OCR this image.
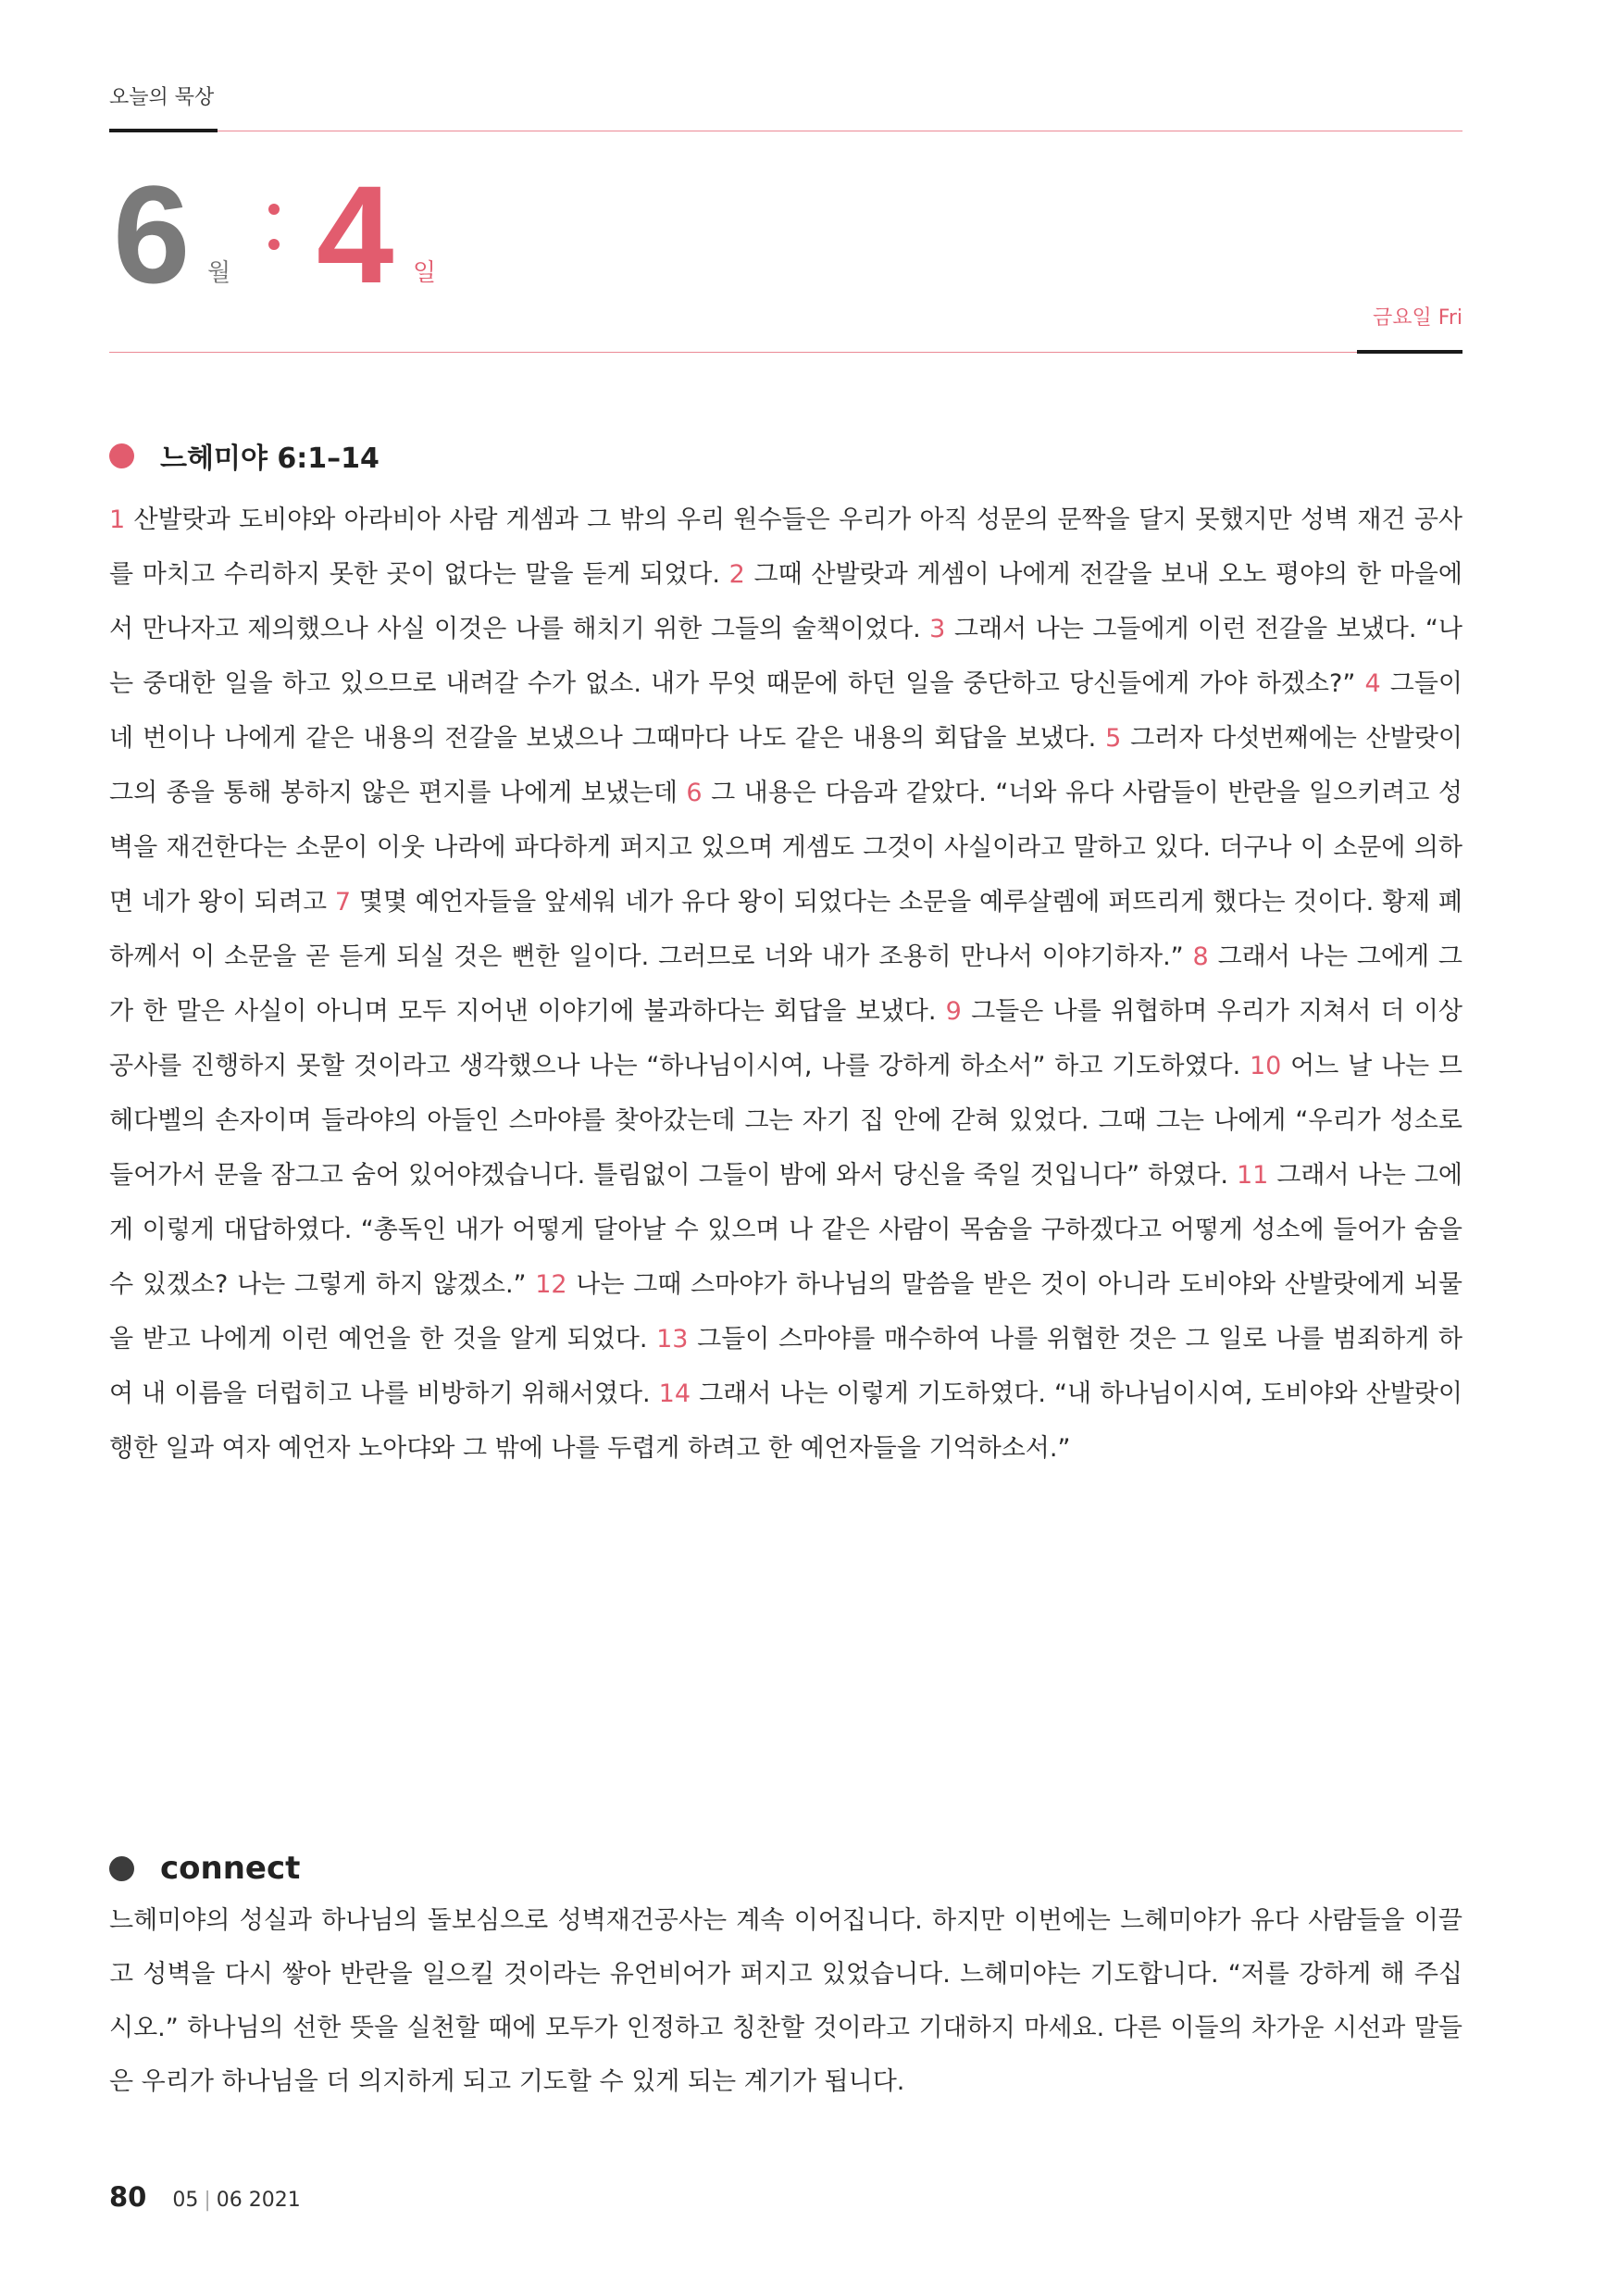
오늘의 묵상
6 월 4 일
금요일 Fri
느헤미야 6:1–14
1 산발랏과 도비야와 아라비아 사람 게셈과 그 밖의 우리 원수들은 우리가 아직 성문의 문짝을 달지 못했지만 성벽 재건 공사를 마치고 수리하지 못한 곳이 없다는 말을 듣게 되었다. 2 그때 산발랏과 게셈이 나에게 전갈을 보내 오노 평야의 한 마을에서 만나자고 제의했으나 사실 이것은 나를 해치기 위한 그들의 술책이었다. 3 그래서 나는 그들에게 이런 전갈을 보냈다. “나는 중대한 일을 하고 있으므로 내려갈 수가 없소. 내가 무엇 때문에 하던 일을 중단하고 당신들에게 가야 하겠소?” 4 그들이 네 번이나 나에게 같은 내용의 전갈을 보냈으나 그때마다 나도 같은 내용의 회답을 보냈다. 5 그러자 다섯번째에는 산발랏이 그의 종을 통해 봉하지 않은 편지를 나에게 보냈는데 6 그 내용은 다음과 같았다. “너와 유다 사람들이 반란을 일으키려고 성벽을 재건한다는 소문이 이웃 나라에 파다하게 퍼지고 있으며 게셈도 그것이 사실이라고 말하고 있다. 더구나 이 소문에 의하면 네가 왕이 되려고 7 몇몇 예언자들을 앞세워 네가 유다 왕이 되었다는 소문을 예루살렘에 퍼뜨리게 했다는 것이다. 황제 폐하께서 이 소문을 곧 듣게 되실 것은 뻔한 일이다. 그러므로 너와 내가 조용히 만나서 이야기하자.” 8 그래서 나는 그에게 그가 한 말은 사실이 아니며 모두 지어낸 이야기에 불과하다는 회답을 보냈다. 9 그들은 나를 위협하며 우리가 지쳐서 더 이상 공사를 진행하지 못할 것이라고 생각했으나 나는 “하나님이시여, 나를 강하게 하소서” 하고 기도하였다. 10 어느 날 나는 므헤다벨의 손자이며 들라야의 아들인 스마야를 찾아갔는데 그는 자기 집 안에 갇혀 있었다. 그때 그는 나에게 “우리가 성소로 들어가서 문을 잠그고 숨어 있어야겠습니다. 틀림없이 그들이 밤에 와서 당신을 죽일 것입니다” 하였다. 11 그래서 나는 그에게 이렇게 대답하였다. “총독인 내가 어떻게 달아날 수 있으며 나 같은 사람이 목숨을 구하겠다고 어떻게 성소에 들어가 숨을 수 있겠소? 나는 그렇게 하지 않겠소.” 12 나는 그때 스마야가 하나님의 말씀을 받은 것이 아니라 도비야와 산발랏에게 뇌물을 받고 나에게 이런 예언을 한 것을 알게 되었다. 13 그들이 스마야를 매수하여 나를 위협한 것은 그 일로 나를 범죄하게 하여 내 이름을 더럽히고 나를 비방하기 위해서였다. 14 그래서 나는 이렇게 기도하였다. “내 하나님이시여, 도비야와 산발랏이 행한 일과 여자 예언자 노아댜와 그 밖에 나를 두렵게 하려고 한 예언자들을 기억하소서.”
connect
느헤미야의 성실과 하나님의 돌보심으로 성벽재건공사는 계속 이어집니다. 하지만 이번에는 느헤미야가 유다 사람들을 이끌고 성벽을 다시 쌓아 반란을 일으킬 것이라는 유언비어가 퍼지고 있었습니다. 느헤미야는 기도합니다. “저를 강하게 해 주십시오.” 하나님의 선한 뜻을 실천할 때에 모두가 인정하고 칭찬할 것이라고 기대하지 마세요. 다른 이들의 차가운 시선과 말들은 우리가 하나님을 더 의지하게 되고 기도할 수 있게 되는 계기가 됩니다.
80 05 | 06 2021
